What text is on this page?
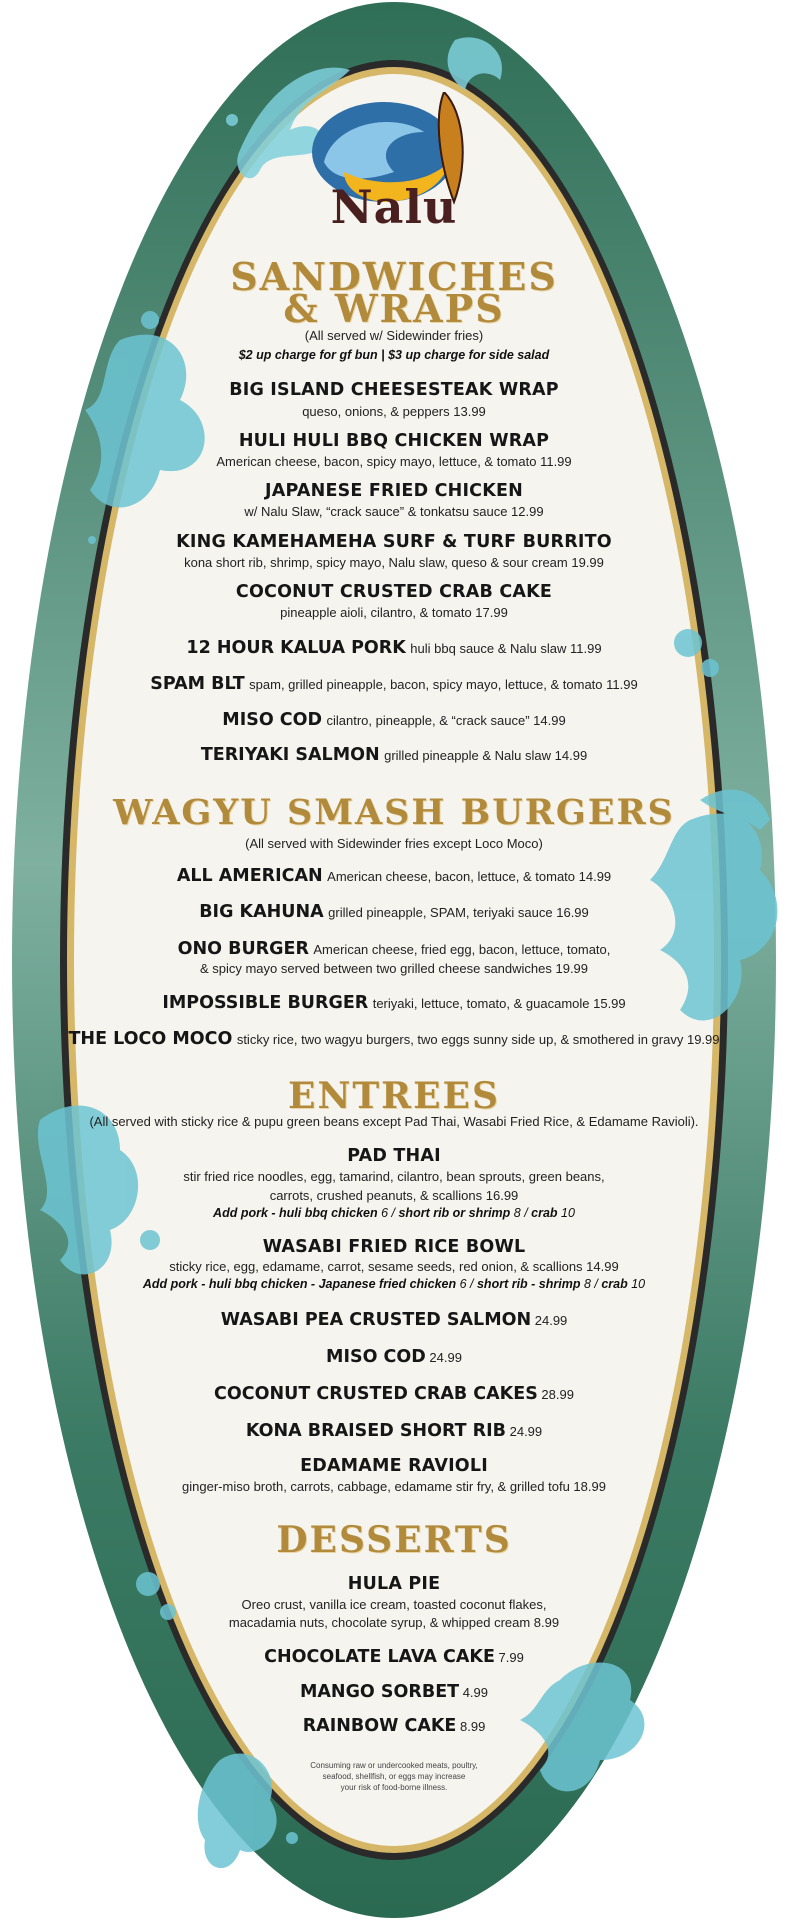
Nalu
SANDWICHES
& WRAPS
(All served w/ Sidewinder fries)
$2 up charge for gf bun | $3 up charge for side salad
BIG ISLAND CHEESESTEAK WRAP
queso, onions, & peppers 13.99
HULI HULI BBQ CHICKEN WRAP
American cheese, bacon, spicy mayo, lettuce, & tomato 11.99
JAPANESE FRIED CHICKEN
w/ Nalu Slaw, “crack sauce” & tonkatsu sauce 12.99
KING KAMEHAMEHA SURF & TURF BURRITO
kona short rib, shrimp, spicy mayo, Nalu slaw, queso & sour cream 19.99
COCONUT CRUSTED CRAB CAKE
pineapple aioli, cilantro, & tomato 17.99
12 HOUR KALUA PORK huli bbq sauce & Nalu slaw 11.99
SPAM BLT spam, grilled pineapple, bacon, spicy mayo, lettuce, & tomato 11.99
MISO COD cilantro, pineapple, & “crack sauce” 14.99
TERIYAKI SALMON grilled pineapple & Nalu slaw 14.99
WAGYU SMASH BURGERS
(All served with Sidewinder fries except Loco Moco)
ALL AMERICAN American cheese, bacon, lettuce, & tomato 14.99
BIG KAHUNA grilled pineapple, SPAM, teriyaki sauce 16.99
ONO BURGER American cheese, fried egg, bacon, lettuce, tomato,
& spicy mayo served between two grilled cheese sandwiches 19.99
IMPOSSIBLE BURGER teriyaki, lettuce, tomato, & guacamole 15.99
THE LOCO MOCO sticky rice, two wagyu burgers, two eggs sunny side up, & smothered in gravy 19.99
ENTREES
(All served with sticky rice & pupu green beans except Pad Thai, Wasabi Fried Rice, & Edamame Ravioli).
PAD THAI
stir fried rice noodles, egg, tamarind, cilantro, bean sprouts, green beans,
carrots, crushed peanuts, & scallions 16.99
Add pork - huli bbq chicken 6 / short rib or shrimp 8 / crab 10
WASABI FRIED RICE BOWL
sticky rice, egg, edamame, carrot, sesame seeds, red onion, & scallions 14.99
Add pork - huli bbq chicken - Japanese fried chicken 6 / short rib - shrimp 8 / crab 10
WASABI PEA CRUSTED SALMON 24.99
MISO COD 24.99
COCONUT CRUSTED CRAB CAKES 28.99
KONA BRAISED SHORT RIB 24.99
EDAMAME RAVIOLI
ginger-miso broth, carrots, cabbage, edamame stir fry, & grilled tofu 18.99
DESSERTS
HULA PIE
Oreo crust, vanilla ice cream, toasted coconut flakes,
macadamia nuts, chocolate syrup, & whipped cream 8.99
CHOCOLATE LAVA CAKE 7.99
MANGO SORBET 4.99
RAINBOW CAKE 8.99
Consuming raw or undercooked meats, poultry,
seafood, shellfish, or eggs may increase
your risk of food-borne illness.
